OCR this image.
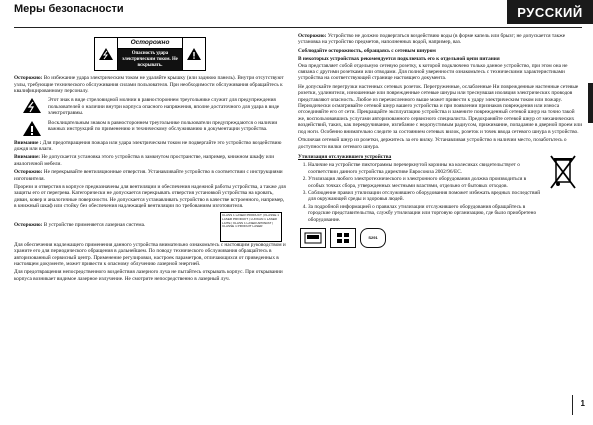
Меры безопасности	РУССКИЙ
Осторожно
Опасность удара электрическим током. Не вскрывать.

Осторожно: Во избежание удара электрическим током не удаляйте крышку (или заднюю панель). Внутри отсутствуют узлы, требующие технического обслуживания силами пользователя. При необходимости обслуживания обращайтесь к квалифицированному персоналу.

Этот знак в виде стреловидной молнии в равностороннем треугольнике служит для предупреждения пользователей о наличии внутри корпуса опасного напряжения, вполне достаточного для удара в виде электротравмы.
Восклицательным знаком в равностороннем треугольнике пользователи предупреждаются о наличии важных инструкций по применению и техническому обслуживанию в документации устройства.

Внимание : Для предотвращения пожара или удара электрическим током не подвергайте это устройство воздействию дождя или влаги.

Внимание: Не допускается установка этого устройства в замкнутом пространстве, например, книжном шкафу или аналогичной мебели.

Осторожно: Не перекрывайте вентиляционные отверстия. Устанавливайте устройство в соответствии с инструкциями изготовителя.

Прорези и отверстия в корпусе предназначены для вентиляции и обеспечения надежной работы устройства, а также для защиты его от перегрева. Категорически не допускается перекрывать отверстия установкой устройства на кровать, диван, ковер и аналогичные поверхности. Не допускается устанавливать устройство в качестве встроенного, например, в книжный шкаф или стойку без обеспечения надлежащей вентиляции по требованиям изготовителя.

Осторожно: В устройстве применяется лазерная система.

CLASS 1 LASER PRODUCT | KLASSE 1 LASER PRODUKT | LUOKAN 1 LASER LAITE | KLASS 1 LASER APPARAT | CLASSE 1 PRODUIT LASER

Для обеспечения надлежащего применения данного устройства внимательно ознакомьтесь с настоящим руководством и храните его для периодического обращения в дальнейшем. По поводу технического обслуживания обращайтесь в авторизованный сервисный центр. Применение регулировки, настроек параметров, отличающихся от приведенных в настоящем документе, может привести к опасному облучению лазерной энергией.

Для предотвращения непосредственного воздействия лазерного луча не пытайтесь открывать корпус. При открывании корпуса возникает видимое лазерное излучение. Не смотрите непосредственно в лазерный луч.

Осторожно: Устройство не должно подвергаться воздействию воды (в форме капель или брызг; не допускается также установка на устройство предметов, наполненных водой, например, ваз.

Соблюдайте осторожность, обращаясь с сетевым шнуром

В некоторых устройствах рекомендуется подключать его к отдельной цепи питания

Она представляет собой отдельную сетевую розетку, к которой подключено только данное устройство, при этом она не связана с другими розетками или отводами. Для полной уверенности ознакомьтесь с техническими характеристиками устройства на соответствующей странице настоящего документа.

Не допускайте перегрузки настенных сетевых розеток. Перегруженные, ослабленные Ни поврежденные настенные сетевые розетки, удлинители, изношенные или поврежденные сетевые шнуры или треснувшая изоляция электрических проводов представляют опасность. Любое из перечисленного выше может привести к удару электрическим током или пожару. Периодически осматривайте сетевой шнур вашего устройства и при появлении признаков повреждения или износа отсоединяйте его от сети. Прекращайте эксплуатацию устройства и замените поврежденный сетевой шнур на точно такой же, воспользовавшись услугами авторизованного сервисного специалиста. Предохраняйте сетевой шнур от механических воздействий, таких, как перекручивание, изгибание с недопустимым радиусом, прижимание, попадание в дверной проем или под ноги. Особенно внимательно следите за состоянием сетевых вилок, розеток и точек ввода сетевого шнура в устройство.

Отключая сетевой шнур из розетки, держитесь за его вилку. Устанавливая устройство в наличии место, позаботьтесь о доступности вилки сетевого шнура.

Утилизация отслужившего устройства
1. Наличие на устройстве пиктограммы перечеркнутой корзины на колесиках свидетельствует о соответствии данного устройства директиве Евросоюза 2002/96/ЕС.
2. Утилизация любого электротехнического и электронного оборудования должна производиться в особых точках сбора, утвержденных местными властями, отдельно от бытовых отходов.
3. Соблюдение правил утилизации отслужившего оборудования поможет избежать вредных последствий для окружающей среды и здоровья людей.
4. За подробной информацией о правилах утилизации отслужившего оборудования обращайтесь в городские представительства, службу утилизации или торговую организацию, где было приобретено оборудование.
S291
1
